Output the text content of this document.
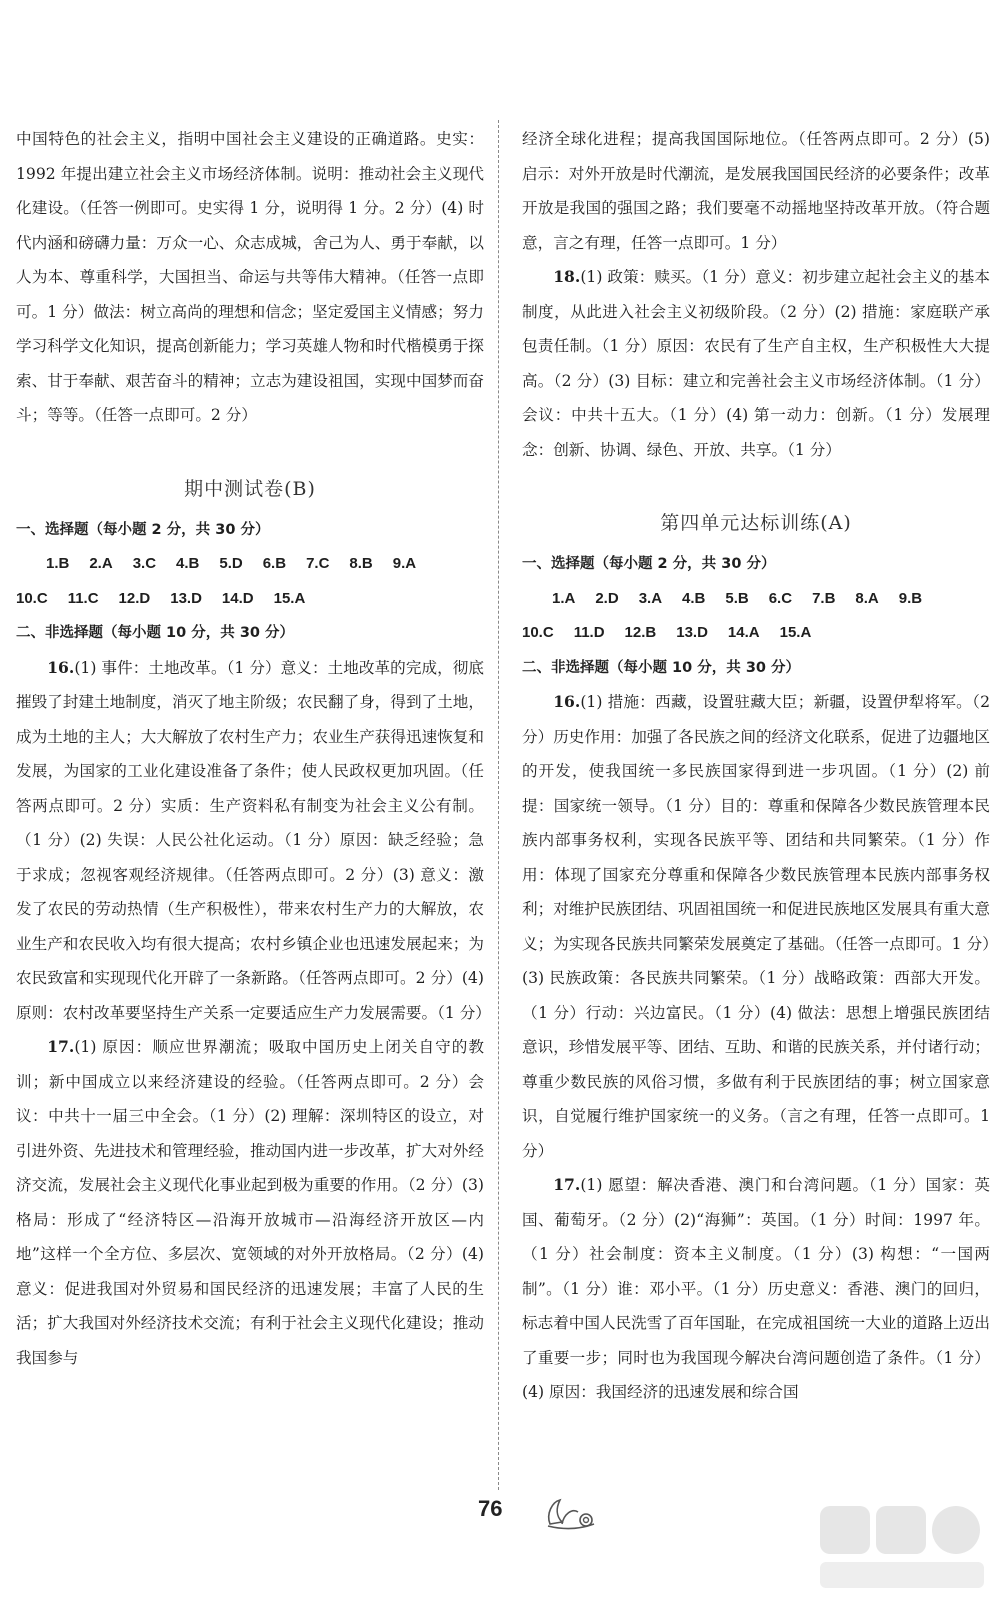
中国特色的社会主义，指明中国社会主义建设的正确道路。史实：1992 年提出建立社会主义市场经济体制。说明：推动社会主义现代化建设。（任答一例即可。史实得 1 分，说明得 1 分。2 分）(4) 时代内涵和磅礴力量：万众一心、众志成城，舍己为人、勇于奉献，以人为本、尊重科学，大国担当、命运与共等伟大精神。（任答一点即可。1 分）做法：树立高尚的理想和信念；坚定爱国主义情感；努力学习科学文化知识，提高创新能力；学习英雄人物和时代楷模勇于探索、甘于奉献、艰苦奋斗的精神；立志为建设祖国，实现中国梦而奋斗；等等。（任答一点即可。2 分）

期中测试卷(B)

一、选择题（每小题 2 分，共 30 分）

1.B 2.A 3.C 4.B 5.D 6.B 7.C 8.B 9.A
10.C 11.C 12.D 13.D 14.D 15.A

二、非选择题（每小题 10 分，共 30 分）

16.(1) 事件：土地改革。（1 分）意义：土地改革的完成，彻底摧毁了封建土地制度，消灭了地主阶级；农民翻了身，得到了土地，成为土地的主人；大大解放了农村生产力；农业生产获得迅速恢复和发展，为国家的工业化建设准备了条件；使人民政权更加巩固。（任答两点即可。2 分）实质：生产资料私有制变为社会主义公有制。（1 分）(2) 失误：人民公社化运动。（1 分）原因：缺乏经验；急于求成；忽视客观经济规律。（任答两点即可。2 分）(3) 意义：激发了农民的劳动热情（生产积极性），带来农村生产力的大解放，农业生产和农民收入均有很大提高；农村乡镇企业也迅速发展起来；为农民致富和实现现代化开辟了一条新路。（任答两点即可。2 分）(4) 原则：农村改革要坚持生产关系一定要适应生产力发展需要。（1 分）

17.(1) 原因：顺应世界潮流；吸取中国历史上闭关自守的教训；新中国成立以来经济建设的经验。（任答两点即可。2 分）会议：中共十一届三中全会。（1 分）(2) 理解：深圳特区的设立，对引进外资、先进技术和管理经验，推动国内进一步改革，扩大对外经济交流，发展社会主义现代化事业起到极为重要的作用。（2 分）(3) 格局：形成了“经济特区—沿海开放城市—沿海经济开放区—内地”这样一个全方位、多层次、宽领域的对外开放格局。（2 分）(4) 意义：促进我国对外贸易和国民经济的迅速发展；丰富了人民的生活；扩大我国对外经济技术交流；有利于社会主义现代化建设；推动我国参与

经济全球化进程；提高我国国际地位。（任答两点即可。2 分）(5) 启示：对外开放是时代潮流，是发展我国国民经济的必要条件；改革开放是我国的强国之路；我们要毫不动摇地坚持改革开放。（符合题意，言之有理，任答一点即可。1 分）

18.(1) 政策：赎买。（1 分）意义：初步建立起社会主义的基本制度，从此进入社会主义初级阶段。（2 分）(2) 措施：家庭联产承包责任制。（1 分）原因：农民有了生产自主权，生产积极性大大提高。（2 分）(3) 目标：建立和完善社会主义市场经济体制。（1 分）会议：中共十五大。（1 分）(4) 第一动力：创新。（1 分）发展理念：创新、协调、绿色、开放、共享。（1 分）

第四单元达标训练(A)

一、选择题（每小题 2 分，共 30 分）

1.A 2.D 3.A 4.B 5.B 6.C 7.B 8.A 9.B
10.C 11.D 12.B 13.D 14.A 15.A

二、非选择题（每小题 10 分，共 30 分）

16.(1) 措施：西藏，设置驻藏大臣；新疆，设置伊犁将军。（2 分）历史作用：加强了各民族之间的经济文化联系，促进了边疆地区的开发，使我国统一多民族国家得到进一步巩固。（1 分）(2) 前提：国家统一领导。（1 分）目的：尊重和保障各少数民族管理本民族内部事务权利，实现各民族平等、团结和共同繁荣。（1 分）作用：体现了国家充分尊重和保障各少数民族管理本民族内部事务权利；对维护民族团结、巩固祖国统一和促进民族地区发展具有重大意义；为实现各民族共同繁荣发展奠定了基础。（任答一点即可。1 分）(3) 民族政策：各民族共同繁荣。（1 分）战略政策：西部大开发。（1 分）行动：兴边富民。（1 分）(4) 做法：思想上增强民族团结意识，珍惜发展平等、团结、互助、和谐的民族关系，并付诸行动；尊重少数民族的风俗习惯，多做有利于民族团结的事；树立国家意识，自觉履行维护国家统一的义务。（言之有理，任答一点即可。1 分）

17.(1) 愿望：解决香港、澳门和台湾问题。（1 分）国家：英国、葡萄牙。（2 分）(2)“海狮”：英国。（1 分）时间：1997 年。（1 分）社会制度：资本主义制度。（1 分）(3) 构想：“一国两制”。（1 分）谁：邓小平。（1 分）历史意义：香港、澳门的回归，标志着中国人民洗雪了百年国耻，在完成祖国统一大业的道路上迈出了重要一步；同时也为我国现今解决台湾问题创造了条件。（1 分）(4) 原因：我国经济的迅速发展和综合国

76
